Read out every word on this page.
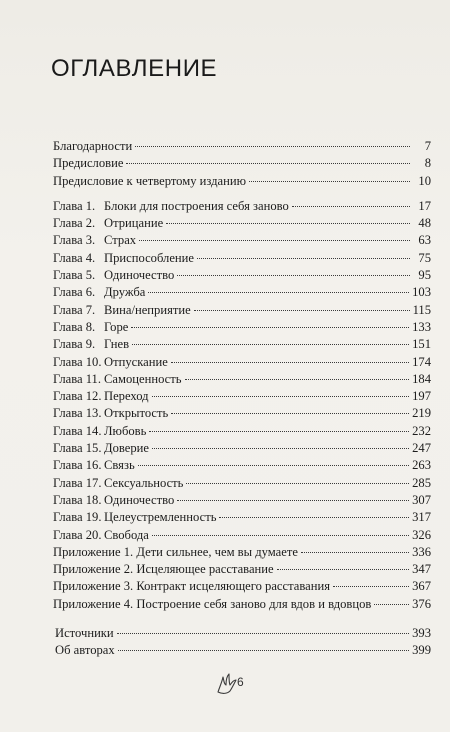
ОГЛАВЛЕНИЕ
Благодарности	7
Предисловие	8
Предисловие к четвертому изданию	10
Глава 1. Блоки для построения себя заново	17
Глава 2. Отрицание	48
Глава 3. Страх	63
Глава 4. Приспособление	75
Глава 5. Одиночество	95
Глава 6. Дружба	103
Глава 7. Вина/неприятие	115
Глава 8. Горе	133
Глава 9. Гнев	151
Глава 10. Отпускание	174
Глава 11. Самоценность	184
Глава 12. Переход	197
Глава 13. Открытость	219
Глава 14. Любовь	232
Глава 15. Доверие	247
Глава 16. Связь	263
Глава 17. Сексуальность	285
Глава 18. Одиночество	307
Глава 19. Целеустремленность	317
Глава 20. Свобода	326
Приложение 1. Дети сильнее, чем вы думаете	336
Приложение 2. Исцеляющее расставание	347
Приложение 3. Контракт исцеляющего расставания	367
Приложение 4. Построение себя заново для вдов и вдовцов	376
Источники	393
Об авторах	399
6
